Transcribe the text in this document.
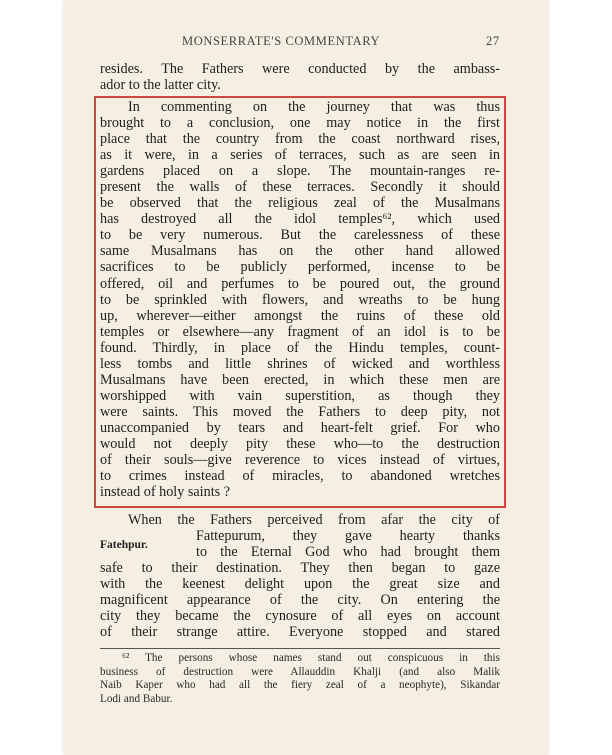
MONSERRATE'S COMMENTARY	27
resides. The Fathers were conducted by the ambass-
ador to the latter city.
In commenting on the journey that was thus
brought to a conclusion, one may notice in the first
place that the country from the coast northward rises,
as it were, in a series of terraces, such as are seen in
gardens placed on a slope. The mountain-ranges re-
present the walls of these terraces. Secondly it should
be observed that the religious zeal of the Musalmans
has destroyed all the idol temples⁶², which used
to be very numerous. But the carelessness of these
same Musalmans has on the other hand allowed
sacrifices to be publicly performed, incense to be
offered, oil and perfumes to be poured out, the ground
to be sprinkled with flowers, and wreaths to be hung
up, wherever—either amongst the ruins of these old
temples or elsewhere—any fragment of an idol is to be
found. Thirdly, in place of the Hindu temples, count-
less tombs and little shrines of wicked and worthless
Musalmans have been erected, in which these men are
worshipped with vain superstition, as though they
were saints. This moved the Fathers to deep pity, not
unaccompanied by tears and heart-felt grief. For who
would not deeply pity these who—to the destruction
of their souls—give reverence to vices instead of virtues,
to crimes instead of miracles, to abandoned wretches
instead of holy saints ?
Fatehpur.
When the Fathers perceived from afar the city of
Fattepurum, they gave hearty thanks
to the Eternal God who had brought them
safe to their destination. They then began to gaze
with the keenest delight upon the great size and
magnificent appearance of the city. On entering the
city they became the cynosure of all eyes on account
of their strange attire. Everyone stopped and stared
⁶² The persons whose names stand out conspicuous in this
business of destruction were Allauddin Khalji (and also Malik
Naib Kaper who had all the fiery zeal of a neophyte), Sikandar
Lodi and Babur.
